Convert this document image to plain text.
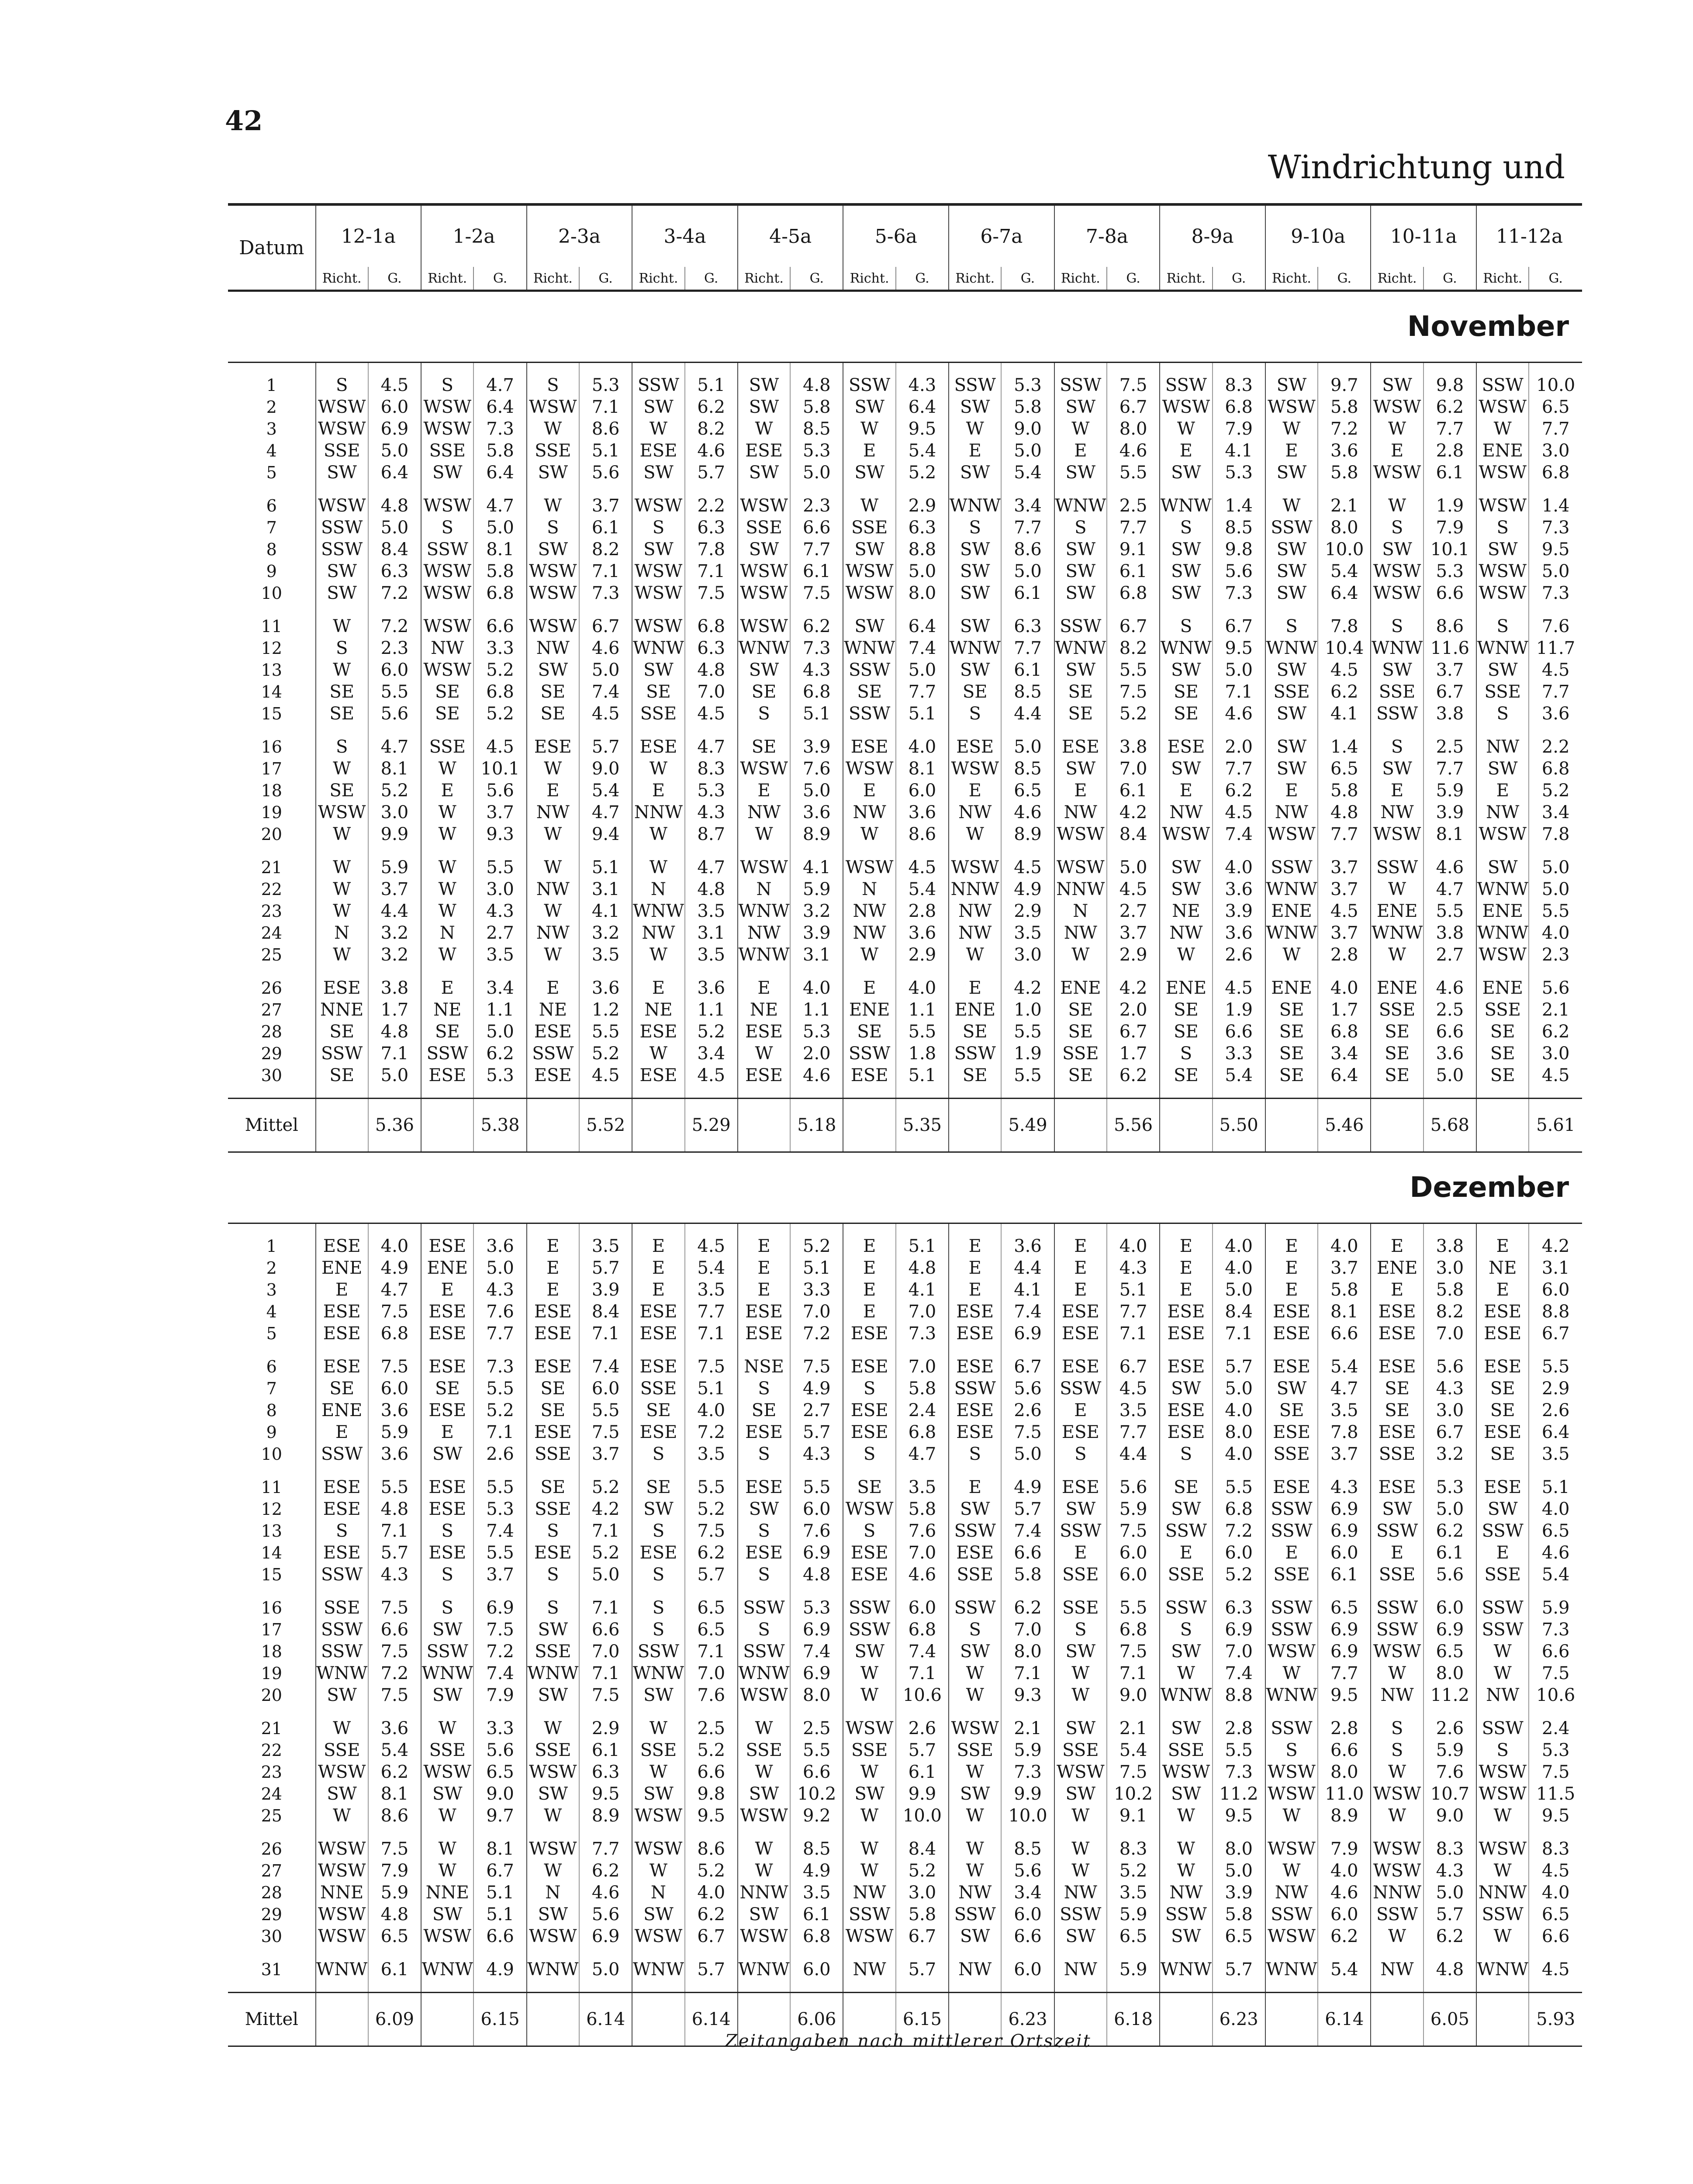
42
Windrichtung und
Datum	12-1a		1-2a		2-3a		3-4a		4-5a		5-6a		6-7a		7-8a		8-9a		9-10a		10-11a		11-12a	
	Richt.	G.	Richt.	G.	Richt.	G.	Richt.	G.	Richt.	G.	Richt.	G.	Richt.	G.	Richt.	G.	Richt.	G.	Richt.	G.	Richt.	G.	Richt.	G.
November																								

1	S	4.5	S	4.7	S	5.3	SSW	5.1	SW	4.8	SSW	4.3	SSW	5.3	SSW	7.5	SSW	8.3	SW	9.7	SW	9.8	SSW	10.0
2	WSW	6.0	WSW	6.4	WSW	7.1	SW	6.2	SW	5.8	SW	6.4	SW	5.8	SW	6.7	WSW	6.8	WSW	5.8	WSW	6.2	WSW	6.5
3	WSW	6.9	WSW	7.3	W	8.6	W	8.2	W	8.5	W	9.5	W	9.0	W	8.0	W	7.9	W	7.2	W	7.7	W	7.7
4	SSE	5.0	SSE	5.8	SSE	5.1	ESE	4.6	ESE	5.3	E	5.4	E	5.0	E	4.6	E	4.1	E	3.6	E	2.8	ENE	3.0
5	SW	6.4	SW	6.4	SW	5.6	SW	5.7	SW	5.0	SW	5.2	SW	5.4	SW	5.5	SW	5.3	SW	5.8	WSW	6.1	WSW	6.8

6	WSW	4.8	WSW	4.7	W	3.7	WSW	2.2	WSW	2.3	W	2.9	WNW	3.4	WNW	2.5	WNW	1.4	W	2.1	W	1.9	WSW	1.4
7	SSW	5.0	S	5.0	S	6.1	S	6.3	SSE	6.6	SSE	6.3	S	7.7	S	7.7	S	8.5	SSW	8.0	S	7.9	S	7.3
8	SSW	8.4	SSW	8.1	SW	8.2	SW	7.8	SW	7.7	SW	8.8	SW	8.6	SW	9.1	SW	9.8	SW	10.0	SW	10.1	SW	9.5
9	SW	6.3	WSW	5.8	WSW	7.1	WSW	7.1	WSW	6.1	WSW	5.0	SW	5.0	SW	6.1	SW	5.6	SW	5.4	WSW	5.3	WSW	5.0
10	SW	7.2	WSW	6.8	WSW	7.3	WSW	7.5	WSW	7.5	WSW	8.0	SW	6.1	SW	6.8	SW	7.3	SW	6.4	WSW	6.6	WSW	7.3

11	W	7.2	WSW	6.6	WSW	6.7	WSW	6.8	WSW	6.2	SW	6.4	SW	6.3	SSW	6.7	S	6.7	S	7.8	S	8.6	S	7.6
12	S	2.3	NW	3.3	NW	4.6	WNW	6.3	WNW	7.3	WNW	7.4	WNW	7.7	WNW	8.2	WNW	9.5	WNW	10.4	WNW	11.6	WNW	11.7
13	W	6.0	WSW	5.2	SW	5.0	SW	4.8	SW	4.3	SSW	5.0	SW	6.1	SW	5.5	SW	5.0	SW	4.5	SW	3.7	SW	4.5
14	SE	5.5	SE	6.8	SE	7.4	SE	7.0	SE	6.8	SE	7.7	SE	8.5	SE	7.5	SE	7.1	SSE	6.2	SSE	6.7	SSE	7.7
15	SE	5.6	SE	5.2	SE	4.5	SSE	4.5	S	5.1	SSW	5.1	S	4.4	SE	5.2	SE	4.6	SW	4.1	SSW	3.8	S	3.6

16	S	4.7	SSE	4.5	ESE	5.7	ESE	4.7	SE	3.9	ESE	4.0	ESE	5.0	ESE	3.8	ESE	2.0	SW	1.4	S	2.5	NW	2.2
17	W	8.1	W	10.1	W	9.0	W	8.3	WSW	7.6	WSW	8.1	WSW	8.5	SW	7.0	SW	7.7	SW	6.5	SW	7.7	SW	6.8
18	SE	5.2	E	5.6	E	5.4	E	5.3	E	5.0	E	6.0	E	6.5	E	6.1	E	6.2	E	5.8	E	5.9	E	5.2
19	WSW	3.0	W	3.7	NW	4.7	NNW	4.3	NW	3.6	NW	3.6	NW	4.6	NW	4.2	NW	4.5	NW	4.8	NW	3.9	NW	3.4
20	W	9.9	W	9.3	W	9.4	W	8.7	W	8.9	W	8.6	W	8.9	WSW	8.4	WSW	7.4	WSW	7.7	WSW	8.1	WSW	7.8

21	W	5.9	W	5.5	W	5.1	W	4.7	WSW	4.1	WSW	4.5	WSW	4.5	WSW	5.0	SW	4.0	SSW	3.7	SSW	4.6	SW	5.0
22	W	3.7	W	3.0	NW	3.1	N	4.8	N	5.9	N	5.4	NNW	4.9	NNW	4.5	SW	3.6	WNW	3.7	W	4.7	WNW	5.0
23	W	4.4	W	4.3	W	4.1	WNW	3.5	WNW	3.2	NW	2.8	NW	2.9	N	2.7	NE	3.9	ENE	4.5	ENE	5.5	ENE	5.5
24	N	3.2	N	2.7	NW	3.2	NW	3.1	NW	3.9	NW	3.6	NW	3.5	NW	3.7	NW	3.6	WNW	3.7	WNW	3.8	WNW	4.0
25	W	3.2	W	3.5	W	3.5	W	3.5	WNW	3.1	W	2.9	W	3.0	W	2.9	W	2.6	W	2.8	W	2.7	WSW	2.3

26	ESE	3.8	E	3.4	E	3.6	E	3.6	E	4.0	E	4.0	E	4.2	ENE	4.2	ENE	4.5	ENE	4.0	ENE	4.6	ENE	5.6
27	NNE	1.7	NE	1.1	NE	1.2	NE	1.1	NE	1.1	ENE	1.1	ENE	1.0	SE	2.0	SE	1.9	SE	1.7	SSE	2.5	SSE	2.1
28	SE	4.8	SE	5.0	ESE	5.5	ESE	5.2	ESE	5.3	SE	5.5	SE	5.5	SE	6.7	SE	6.6	SE	6.8	SE	6.6	SE	6.2
29	SSW	7.1	SSW	6.2	SSW	5.2	W	3.4	W	2.0	SSW	1.8	SSW	1.9	SSE	1.7	S	3.3	SE	3.4	SE	3.6	SE	3.0
30	SE	5.0	ESE	5.3	ESE	4.5	ESE	4.5	ESE	4.6	ESE	5.1	SE	5.5	SE	6.2	SE	5.4	SE	6.4	SE	5.0	SE	4.5

Mittel		5.36		5.38		5.52		5.29		5.18		5.35		5.49		5.56		5.50		5.46		5.68		5.61
Dezember																								

1	ESE	4.0	ESE	3.6	E	3.5	E	4.5	E	5.2	E	5.1	E	3.6	E	4.0	E	4.0	E	4.0	E	3.8	E	4.2
2	ENE	4.9	ENE	5.0	E	5.7	E	5.4	E	5.1	E	4.8	E	4.4	E	4.3	E	4.0	E	3.7	ENE	3.0	NE	3.1
3	E	4.7	E	4.3	E	3.9	E	3.5	E	3.3	E	4.1	E	4.1	E	5.1	E	5.0	E	5.8	E	5.8	E	6.0
4	ESE	7.5	ESE	7.6	ESE	8.4	ESE	7.7	ESE	7.0	E	7.0	ESE	7.4	ESE	7.7	ESE	8.4	ESE	8.1	ESE	8.2	ESE	8.8
5	ESE	6.8	ESE	7.7	ESE	7.1	ESE	7.1	ESE	7.2	ESE	7.3	ESE	6.9	ESE	7.1	ESE	7.1	ESE	6.6	ESE	7.0	ESE	6.7

6	ESE	7.5	ESE	7.3	ESE	7.4	ESE	7.5	NSE	7.5	ESE	7.0	ESE	6.7	ESE	6.7	ESE	5.7	ESE	5.4	ESE	5.6	ESE	5.5
7	SE	6.0	SE	5.5	SE	6.0	SSE	5.1	S	4.9	S	5.8	SSW	5.6	SSW	4.5	SW	5.0	SW	4.7	SE	4.3	SE	2.9
8	ENE	3.6	ESE	5.2	SE	5.5	SE	4.0	SE	2.7	ESE	2.4	ESE	2.6	E	3.5	ESE	4.0	SE	3.5	SE	3.0	SE	2.6
9	E	5.9	E	7.1	ESE	7.5	ESE	7.2	ESE	5.7	ESE	6.8	ESE	7.5	ESE	7.7	ESE	8.0	ESE	7.8	ESE	6.7	ESE	6.4
10	SSW	3.6	SW	2.6	SSE	3.7	S	3.5	S	4.3	S	4.7	S	5.0	S	4.4	S	4.0	SSE	3.7	SSE	3.2	SE	3.5

11	ESE	5.5	ESE	5.5	SE	5.2	SE	5.5	ESE	5.5	SE	3.5	E	4.9	ESE	5.6	SE	5.5	ESE	4.3	ESE	5.3	ESE	5.1
12	ESE	4.8	ESE	5.3	SSE	4.2	SW	5.2	SW	6.0	WSW	5.8	SW	5.7	SW	5.9	SW	6.8	SSW	6.9	SW	5.0	SW	4.0
13	S	7.1	S	7.4	S	7.1	S	7.5	S	7.6	S	7.6	SSW	7.4	SSW	7.5	SSW	7.2	SSW	6.9	SSW	6.2	SSW	6.5
14	ESE	5.7	ESE	5.5	ESE	5.2	ESE	6.2	ESE	6.9	ESE	7.0	ESE	6.6	E	6.0	E	6.0	E	6.0	E	6.1	E	4.6
15	SSW	4.3	S	3.7	S	5.0	S	5.7	S	4.8	ESE	4.6	SSE	5.8	SSE	6.0	SSE	5.2	SSE	6.1	SSE	5.6	SSE	5.4

16	SSE	7.5	S	6.9	S	7.1	S	6.5	SSW	5.3	SSW	6.0	SSW	6.2	SSE	5.5	SSW	6.3	SSW	6.5	SSW	6.0	SSW	5.9
17	SSW	6.6	SW	7.5	SW	6.6	S	6.5	S	6.9	SSW	6.8	S	7.0	S	6.8	S	6.9	SSW	6.9	SSW	6.9	SSW	7.3
18	SSW	7.5	SSW	7.2	SSE	7.0	SSW	7.1	SSW	7.4	SW	7.4	SW	8.0	SW	7.5	SW	7.0	WSW	6.9	WSW	6.5	W	6.6
19	WNW	7.2	WNW	7.4	WNW	7.1	WNW	7.0	WNW	6.9	W	7.1	W	7.1	W	7.1	W	7.4	W	7.7	W	8.0	W	7.5
20	SW	7.5	SW	7.9	SW	7.5	SW	7.6	WSW	8.0	W	10.6	W	9.3	W	9.0	WNW	8.8	WNW	9.5	NW	11.2	NW	10.6

21	W	3.6	W	3.3	W	2.9	W	2.5	W	2.5	WSW	2.6	WSW	2.1	SW	2.1	SW	2.8	SSW	2.8	S	2.6	SSW	2.4
22	SSE	5.4	SSE	5.6	SSE	6.1	SSE	5.2	SSE	5.5	SSE	5.7	SSE	5.9	SSE	5.4	SSE	5.5	S	6.6	S	5.9	S	5.3
23	WSW	6.2	WSW	6.5	WSW	6.3	W	6.6	W	6.6	W	6.1	W	7.3	WSW	7.5	WSW	7.3	WSW	8.0	W	7.6	WSW	7.5
24	SW	8.1	SW	9.0	SW	9.5	SW	9.8	SW	10.2	SW	9.9	SW	9.9	SW	10.2	SW	11.2	WSW	11.0	WSW	10.7	WSW	11.5
25	W	8.6	W	9.7	W	8.9	WSW	9.5	WSW	9.2	W	10.0	W	10.0	W	9.1	W	9.5	W	8.9	W	9.0	W	9.5

26	WSW	7.5	W	8.1	WSW	7.7	WSW	8.6	W	8.5	W	8.4	W	8.5	W	8.3	W	8.0	WSW	7.9	WSW	8.3	WSW	8.3
27	WSW	7.9	W	6.7	W	6.2	W	5.2	W	4.9	W	5.2	W	5.6	W	5.2	W	5.0	W	4.0	WSW	4.3	W	4.5
28	NNE	5.9	NNE	5.1	N	4.6	N	4.0	NNW	3.5	NW	3.0	NW	3.4	NW	3.5	NW	3.9	NW	4.6	NNW	5.0	NNW	4.0
29	WSW	4.8	SW	5.1	SW	5.6	SW	6.2	SW	6.1	SSW	5.8	SSW	6.0	SSW	5.9	SSW	5.8	SSW	6.0	SSW	5.7	SSW	6.5
30	WSW	6.5	WSW	6.6	WSW	6.9	WSW	6.7	WSW	6.8	WSW	6.7	SW	6.6	SW	6.5	SW	6.5	WSW	6.2	W	6.2	W	6.6

31	WNW	6.1	WNW	4.9	WNW	5.0	WNW	5.7	WNW	6.0	NW	5.7	NW	6.0	NW	5.9	WNW	5.7	WNW	5.4	NW	4.8	WNW	4.5

Mittel		6.09		6.15		6.14		6.14		6.06		6.15		6.23		6.18		6.23		6.14		6.05		5.93
Zeitangaben nach mittlerer Ortszeit
